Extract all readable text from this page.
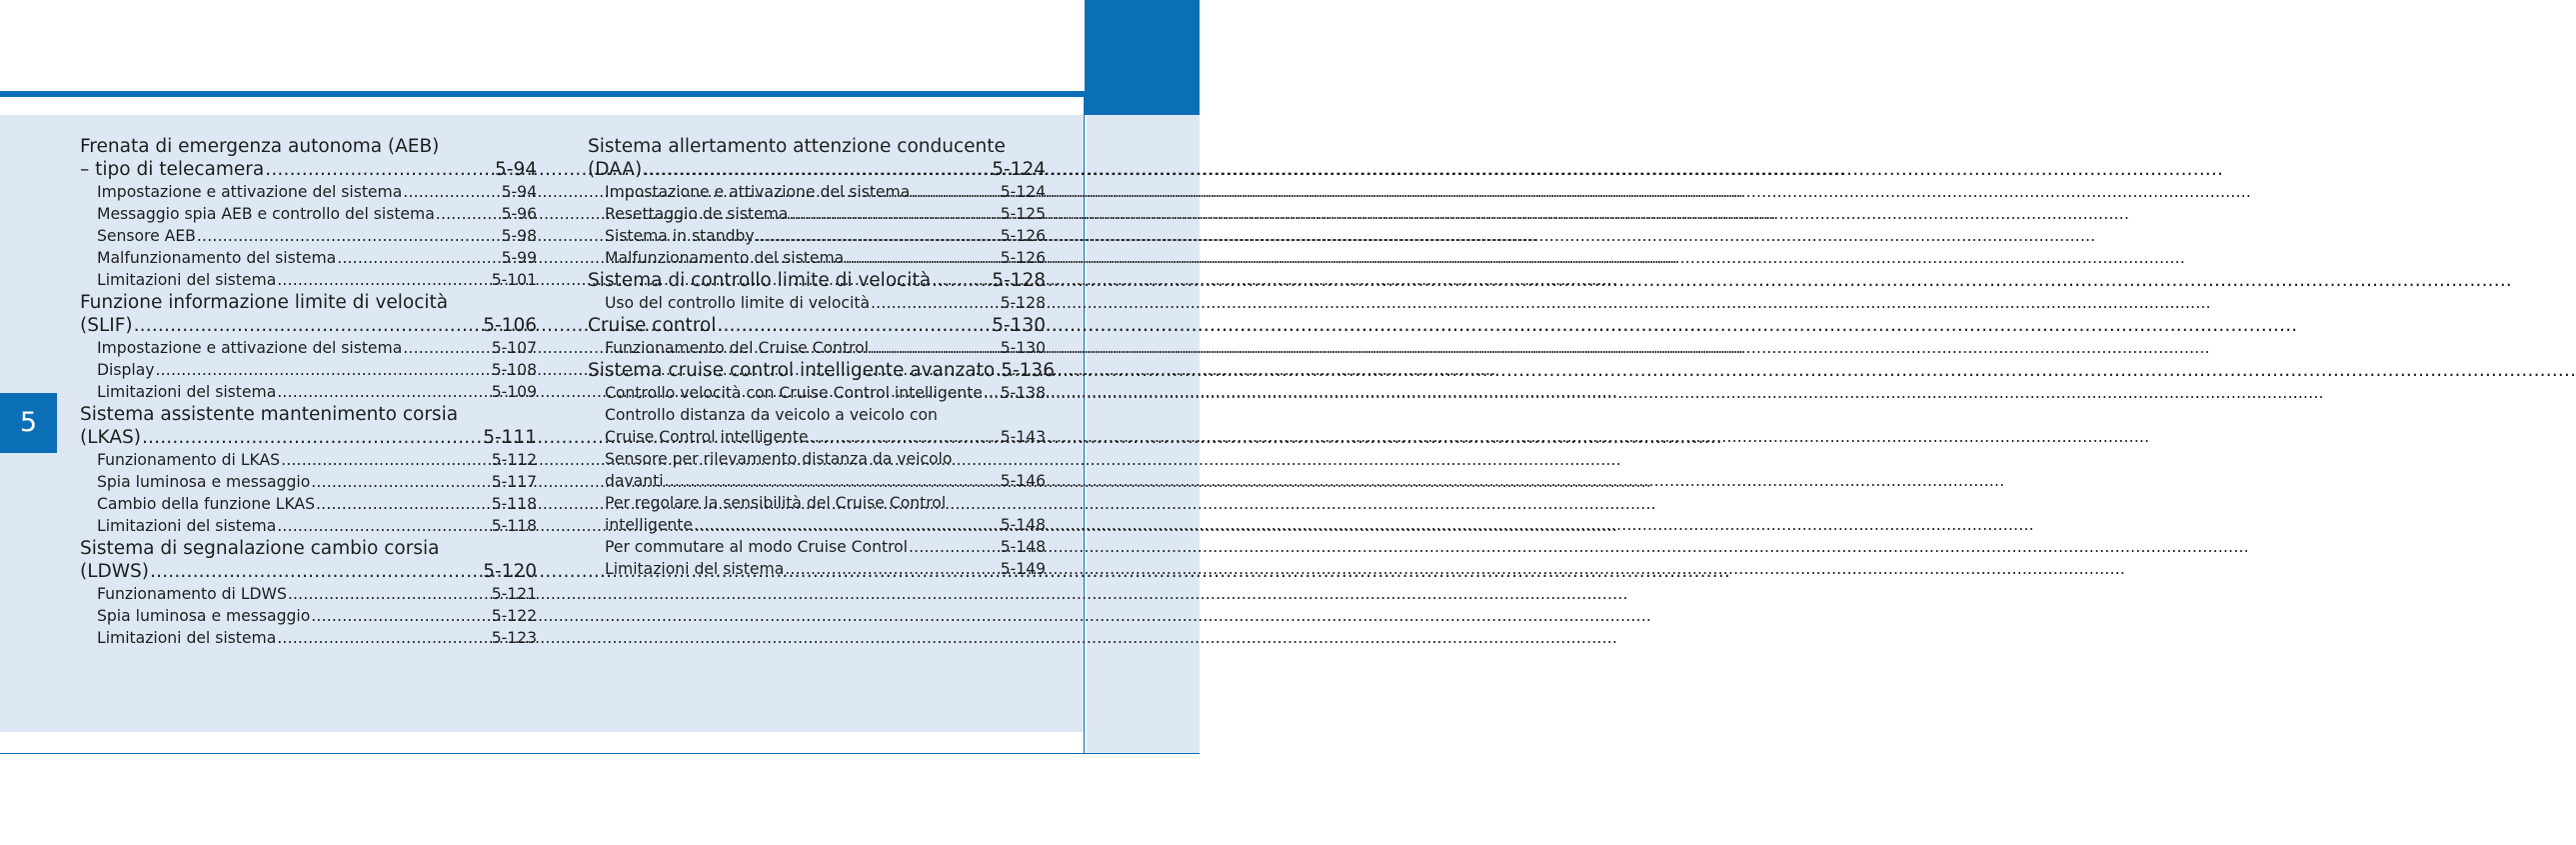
5
Frenata di emergenza autonoma (AEB)
– tipo di telecamera .....	5-94
Impostazione e attivazione del sistema .....	5-94
Messaggio spia AEB e controllo del sistema .....	5-96
Sensore AEB .....	5-98
Malfunzionamento del sistema .....	5-99
Limitazioni del sistema .....	5-101
Funzione informazione limite di velocità
(SLIF) .....	5-106
Impostazione e attivazione del sistema .....	5-107
Display .....	5-108
Limitazioni del sistema .....	5-109
Sistema assistente mantenimento corsia
(LKAS) .....	5-111
Funzionamento di LKAS .....	5-112
Spia luminosa e messaggio .....	5-117
Cambio della funzione LKAS .....	5-118
Limitazioni del sistema .....	5-118
Sistema di segnalazione cambio corsia
(LDWS) .....	5-120
Funzionamento di LDWS .....	5-121
Spia luminosa e messaggio .....	5-122
Limitazioni del sistema .....	5-123
Sistema allertamento attenzione conducente
(DAA) .....	5-124
Impostazione e attivazione del sistema .....	5-124
Resettaggio de sistema .....	5-125
Sistema in standby .....	5-126
Malfunzionamento del sistema .....	5-126
Sistema di controllo limite di velocità .....	5-128
Uso del controllo limite di velocità .....	5-128
Cruise control .....	5-130
Funzionamento del Cruise Control .....	5-130
Sistema cruise control intelligente avanzato ..... 5-136
Controllo velocità con Cruise Control intelligente ..... 5-138
Controllo distanza da veicolo a veicolo con
Cruise Control intelligente .....	5-143
Sensore per rilevamento distanza da veicolo
davanti .....	5-146
Per regolare la sensibilità del Cruise Control
intelligente .....	5-148
Per commutare al modo Cruise Control .....	5-148
Limitazioni del sistema .....	5-149
